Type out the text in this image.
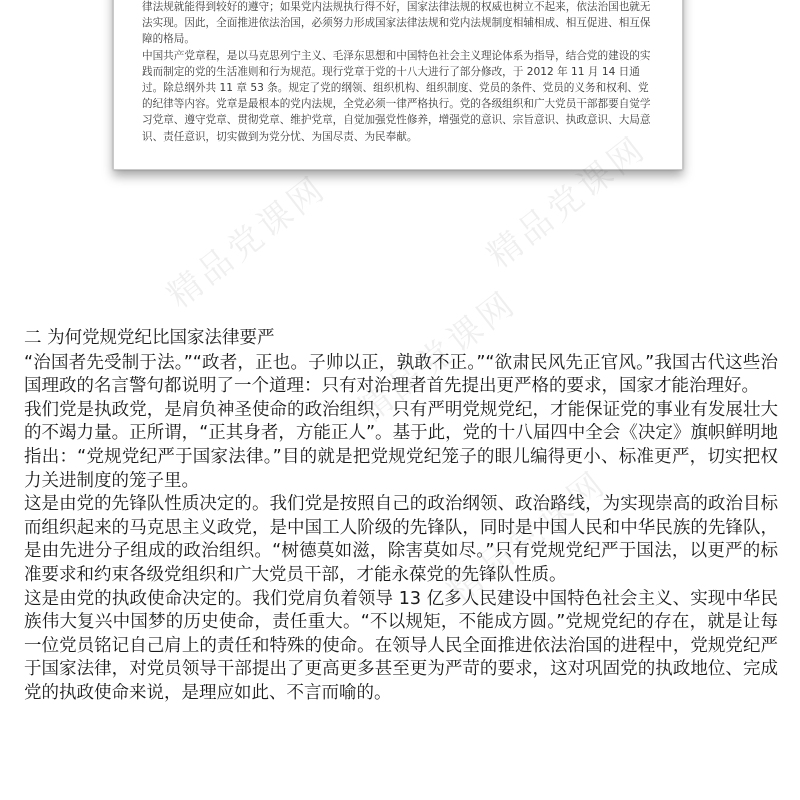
律法规就能得到较好的遵守；如果党内法规执行得不好，国家法律法规的权威也树立不起来，依法治国也就无法实现。因此，全面推进依法治国，必须努力形成国家法律法规和党内法规制度相辅相成、相互促进、相互保障的格局。

中国共产党章程，是以马克思列宁主义、毛泽东思想和中国特色社会主义理论体系为指导，结合党的建设的实践而制定的党的生活准则和行为规范。现行党章于党的十八大进行了部分修改，于 2012 年 11 月 14 日通过。除总纲外共 11 章 53 条。规定了党的纲领、组织机构、组织制度、党员的条件、党员的义务和权利、党的纪律等内容。党章是最根本的党内法规，全党必须一律严格执行。党的各级组织和广大党员干部都要自觉学习党章、遵守党章、贯彻党章、维护党章，自觉加强党性修养，增强党的意识、宗旨意识、执政意识、大局意识、责任意识，切实做到为党分忧、为国尽责、为民奉献。

精品党课网	精品党课网
精品党课网
精品党课网
二 为何党规党纪比国家法律要严

“治国者先受制于法。”“政者，正也。子帅以正，孰敢不正。”“欲肃民风先正官风。”我国古代这些治国理政的名言警句都说明了一个道理：只有对治理者首先提出更严格的要求，国家才能治理好。

我们党是执政党，是肩负神圣使命的政治组织，只有严明党规党纪，才能保证党的事业有发展壮大的不竭力量。正所谓，“正其身者，方能正人”。基于此，党的十八届四中全会《决定》旗帜鲜明地指出：“党规党纪严于国家法律。”目的就是把党规党纪笼子的眼儿编得更小、标准更严，切实把权力关进制度的笼子里。

这是由党的先锋队性质决定的。我们党是按照自己的政治纲领、政治路线，为实现崇高的政治目标而组织起来的马克思主义政党，是中国工人阶级的先锋队，同时是中国人民和中华民族的先锋队，是由先进分子组成的政治组织。“树德莫如滋，除害莫如尽。”只有党规党纪严于国法，以更严的标准要求和约束各级党组织和广大党员干部，才能永葆党的先锋队性质。

这是由党的执政使命决定的。我们党肩负着领导 13 亿多人民建设中国特色社会主义、实现中华民族伟大复兴中国梦的历史使命，责任重大。“不以规矩，不能成方圆。”党规党纪的存在，就是让每一位党员铭记自己肩上的责任和特殊的使命。在领导人民全面推进依法治国的进程中，党规党纪严于国家法律，对党员领导干部提出了更高更多甚至更为严苛的要求，这对巩固党的执政地位、完成党的执政使命来说，是理应如此、不言而喻的。
